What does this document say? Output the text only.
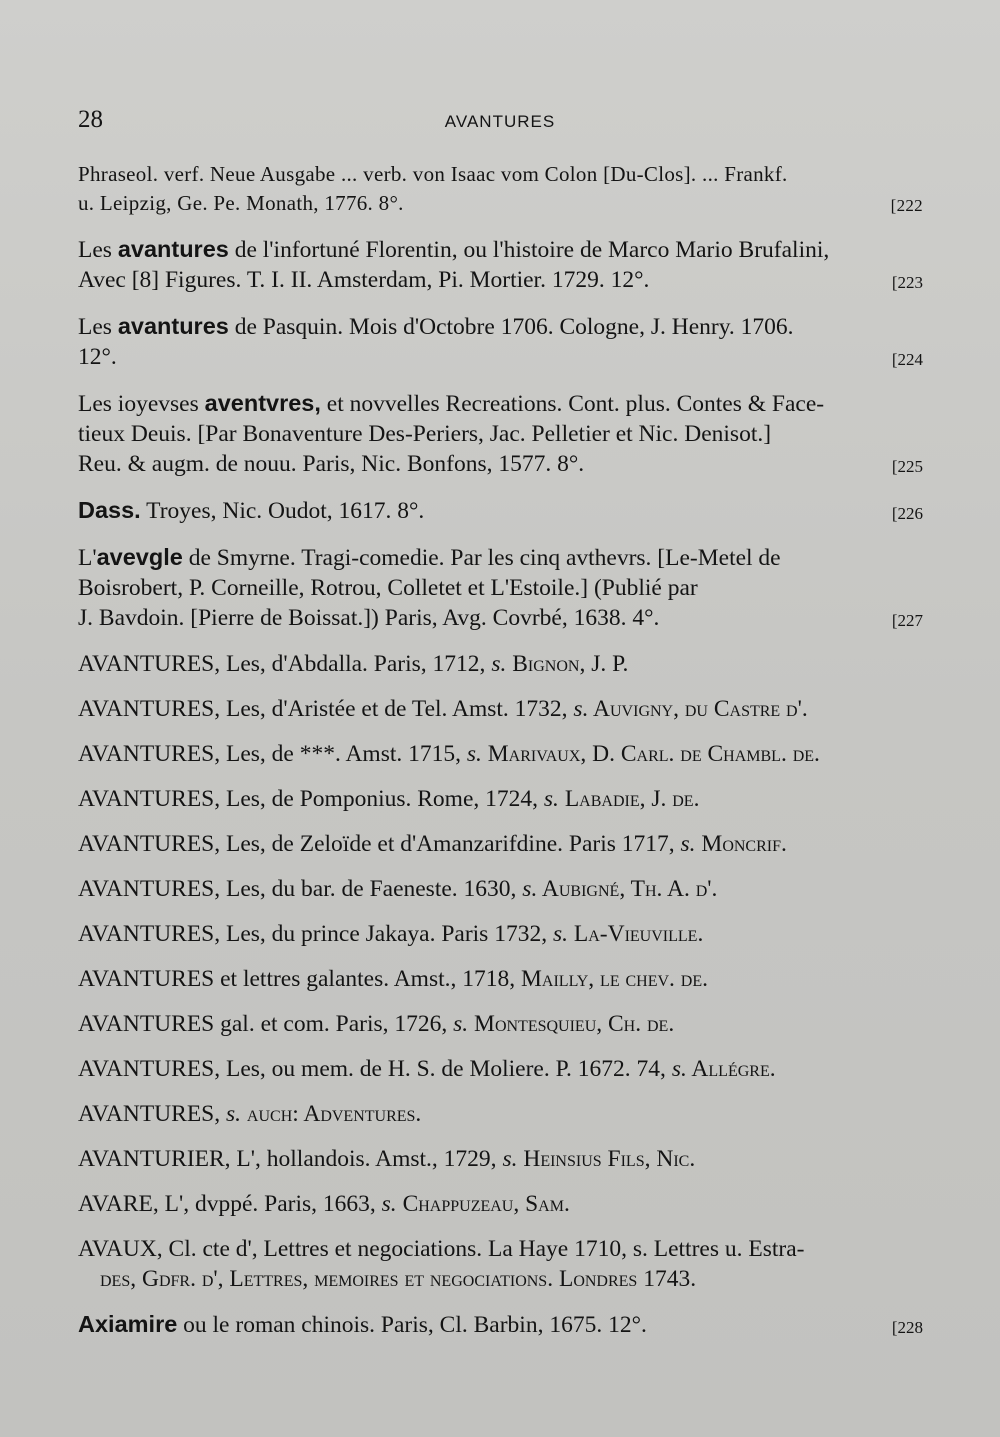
28	AVANTURES
Phraseol. verf. Neue Ausgabe ... verb. von Isaac vom Colon [Du-Clos]. ... Frankf.
u. Leipzig, Ge. Pe. Monath, 1776. 8°.	[222
Les avantures de l'infortuné Florentin, ou l'histoire de Marco Mario Brufalini,
Avec [8] Figures. T. I. II. Amsterdam, Pi. Mortier. 1729. 12°.	[223
Les avantures de Pasquin. Mois d'Octobre 1706. Cologne, J. Henry. 1706.
12°.	[224
Les ioyevses aventvres, et novvelles Recreations. Cont. plus. Contes & Face-
tieux Deuis. [Par Bonaventure Des-Periers, Jac. Pelletier et Nic. Denisot.]
Reu. & augm. de nouu. Paris, Nic. Bonfons, 1577. 8°.	[225
Dass. Troyes, Nic. Oudot, 1617. 8°.	[226
L'avevgle de Smyrne. Tragi-comedie. Par les cinq avthevrs. [Le-Metel de
Boisrobert, P. Corneille, Rotrou, Colletet et L'Estoile.] (Publié par
J. Bavdoin. [Pierre de Boissat.]) Paris, Avg. Covrbé, 1638. 4°.	[227
AVANTURES, Les, d'Abdalla. Paris, 1712, s. Bignon, J. P.
AVANTURES, Les, d'Aristée et de Tel. Amst. 1732, s. Auvigny, du Castre d'.
AVANTURES, Les, de ***. Amst. 1715, s. Marivaux, D. Carl. de Chambl. de.
AVANTURES, Les, de Pomponius. Rome, 1724, s. Labadie, J. de.
AVANTURES, Les, de Zeloïde et d'Amanzarifdine. Paris 1717, s. Moncrif.
AVANTURES, Les, du bar. de Faeneste. 1630, s. Aubigné, Th. A. d'.
AVANTURES, Les, du prince Jakaya. Paris 1732, s. La-Vieuville.
AVANTURES et lettres galantes. Amst., 1718, Mailly, le chev. de.
AVANTURES gal. et com. Paris, 1726, s. Montesquieu, Ch. de.
AVANTURES, Les, ou mem. de H. S. de Moliere. P. 1672. 74, s. Allégre.
AVANTURES, s. auch: Adventures.
AVANTURIER, L', hollandois. Amst., 1729, s. Heinsius Fils, Nic.
AVARE, L', dvppé. Paris, 1663, s. Chappuzeau, Sam.
AVAUX, Cl. cte d', Lettres et negociations. La Haye 1710, s. Lettres u. Estra-
des, Gdfr. d', Lettres, memoires et negociations. Londres 1743.
Axiamire ou le roman chinois. Paris, Cl. Barbin, 1675. 12°.	[228
